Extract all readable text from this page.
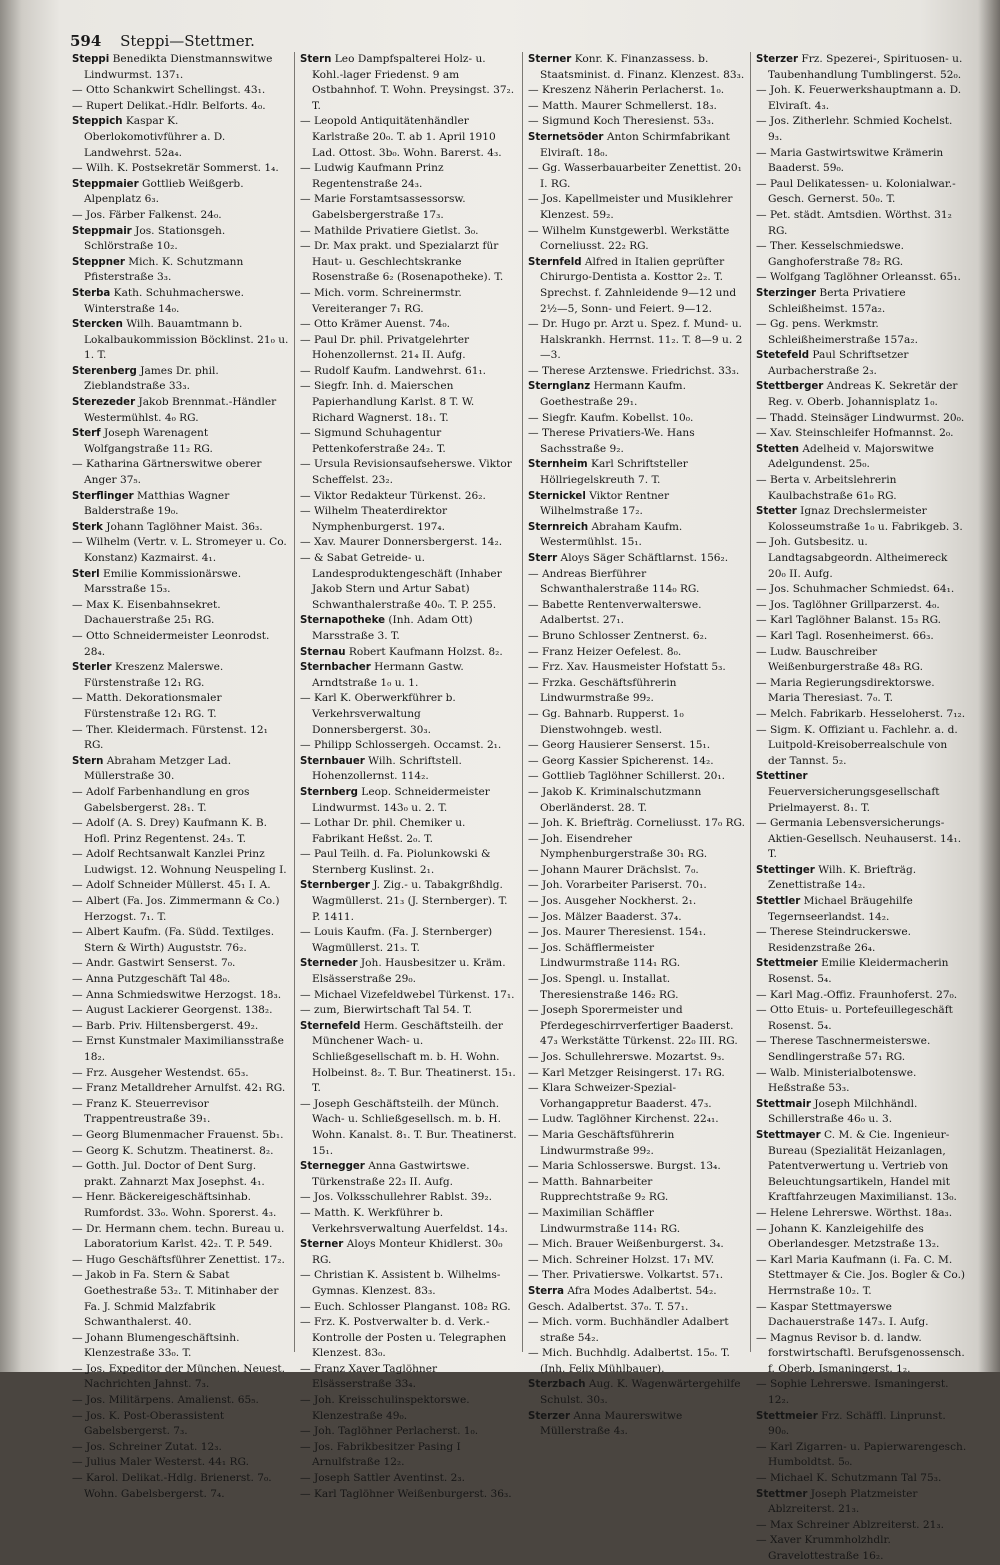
594 Steppi—Stettmer.

Steppi Benedikta Dienstmannswitwe Lindwurmst. 137₁.

— Otto Schankwirt Schellingst. 43₁.

— Rupert Delikat.-Hdlr. Belforts. 4₀.

Steppich Kaspar K. Oberlokomotivführer a. D. Landwehrst. 52a₄.

— Wilh. K. Postsekretär Sommerst. 1₄.

Steppmaier Gottlieb Weißgerb. Alpenplatz 6₃.

— Jos. Färber Falkenst. 24₀.

Steppmair Jos. Stationsgeh. Schlörstraße 10₂.

Steppner Mich. K. Schutzmann Pfisterstraße 3₃.

Sterba Kath. Schuhmacherswe. Winterstraße 14₀.

Stercken Wilh. Bauamtmann b. Lokalbaukommission Böcklinst. 21₀ u. 1. T.

Sterenberg James Dr. phil. Zieblandstraße 33₃.

Sterezeder Jakob Brennmat.-Händler Westermühlst. 4₀ RG.

Sterf Joseph Warenagent Wolfgangstraße 11₂ RG.

— Katharina Gärtnerswitwe oberer Anger 37₅.

Sterflinger Matthias Wagner Balderstraße 19₀.

Sterk Johann Taglöhner Maist. 36₃.

— Wilhelm (Vertr. v. L. Stromeyer u. Co. Konstanz) Kazmairst. 4₁.

Sterl Emilie Kommissionärswe. Marsstraße 15₃.

— Max K. Eisenbahnsekret. Dachauerstraße 25₁ RG.

— Otto Schneidermeister Leonrodst. 28₄.

Sterler Kreszenz Malerswe. Fürstenstraße 12₁ RG.

— Matth. Dekorationsmaler Fürstenstraße 12₁ RG. T.

— Ther. Kleidermach. Fürstenst. 12₁ RG.

Stern Abraham Metzger Lad. Müllerstraße 30.

— Adolf Farbenhandlung en gros Gabelsbergerst. 28₁. T.

— Adolf (A. S. Drey) Kaufmann K. B. Hofl. Prinz Regentenst. 24₃. T.

— Adolf Rechtsanwalt Kanzlei Prinz Ludwigst. 12. Wohnung Neuspeling I.

— Adolf Schneider Müllerst. 45₁ I. A.

— Albert (Fa. Jos. Zimmermann & Co.) Herzogst. 7₁. T.

— Albert Kaufm. (Fa. Südd. Textilges. Stern & Wirth) Auguststr. 76₂.

— Andr. Gastwirt Senserst. 7₀.

— Anna Putzgeschäft Tal 48₀.

— Anna Schmiedswitwe Herzogst. 18₃.

— August Lackierer Georgenst. 138₂.

— Barb. Priv. Hiltensbergerst. 49₂.

— Ernst Kunstmaler Maximiliansstraße 18₂.

— Frz. Ausgeher Westendst. 65₃.

— Franz Metalldreher Arnulfst. 42₁ RG.

— Franz K. Steuerrevisor Trappentreustraße 39₁.

— Georg Blumenmacher Frauenst. 5b₁.

— Georg K. Schutzm. Theatinerst. 8₂.

— Gotth. Jul. Doctor of Dent Surg. prakt. Zahnarzt Max Josephst. 4₁.

— Henr. Bäckereigeschäftsinhab. Rumfordst. 33₀. Wohn. Sporerst. 4₃.

— Dr. Hermann chem. techn. Bureau u. Laboratorium Karlst. 42₂. T. P. 549.

— Hugo Geschäftsführer Zenettist. 17₂.

— Jakob in Fa. Stern & Sabat Goethestraße 53₂. T. Mitinhaber der Fa. J. Schmid Malzfabrik Schwanthalerst. 40.

— Johann Blumengeschäftsinh. Klenzestraße 33₀. T.

— Jos. Expeditor der München. Neuest. Nachrichten Jahnst. 7₃.

— Jos. Militärpens. Amalienst. 65₅.

— Jos. K. Post-Oberassistent Gabelsbergerst. 7₃.

— Jos. Schreiner Zutat. 12₃.

— Julius Maler Westerst. 44₁ RG.

— Karol. Delikat.-Hdlg. Brienerst. 7₀. Wohn. Gabelsbergerst. 7₄.

Stern Leo Dampfspalterei Holz- u. Kohl.-lager Friedenst. 9 am Ostbahnhof. T. Wohn. Preysingst. 37₂. T.

— Leopold Antiquitätenhändler Karlstraße 20₀. T. ab 1. April 1910 Lad. Ottost. 3b₀. Wohn. Barerst. 4₃.

— Ludwig Kaufmann Prinz Regentenstraße 24₃.

— Marie Forstamtsassessorsw. Gabelsbergerstraße 17₃.

— Mathilde Privatiere Gietlst. 3₀.

— Dr. Max prakt. und Spezialarzt für Haut- u. Geschlechtskranke Rosenstraße 6₂ (Rosenapotheke). T.

— Mich. vorm. Schreinermstr. Vereiteranger 7₁ RG.

— Otto Krämer Auenst. 74₀.

— Paul Dr. phil. Privatgelehrter Hohenzollernst. 21₄ II. Aufg.

— Rudolf Kaufm. Landwehrst. 61₁.

— Siegfr. Inh. d. Maierschen Papierhandlung Karlst. 8 T. W. Richard Wagnerst. 18₁. T.

— Sigmund Schuhagentur Pettenkoferstraße 24₂. T.

— Ursula Revisionsaufseherswe. Viktor Scheffelst. 23₂.

— Viktor Redakteur Türkenst. 26₂.

— Wilhelm Theaterdirektor Nymphenburgerst. 197₄.

— Xav. Maurer Donnersbergerst. 14₂.

— & Sabat Getreide- u. Landesproduktengeschäft (Inhaber Jakob Stern und Artur Sabat) Schwanthalerstraße 40₀. T. P. 255.

Sternapotheke (Inh. Adam Ott) Marsstraße 3. T.

Sternau Robert Kaufmann Holzst. 8₂.

Sternbacher Hermann Gastw. Arndtstraße 1₀ u. 1.

— Karl K. Oberwerkführer b. Verkehrsverwaltung Donnersbergerst. 30₃.

— Philipp Schlossergeh. Occamst. 2₁.

Sternbauer Wilh. Schriftstell. Hohenzollernst. 114₂.

Sternberg Leop. Schneidermeister Lindwurmst. 143₀ u. 2. T.

— Lothar Dr. phil. Chemiker u. Fabrikant Heßst. 2₀. T.

— Paul Teilh. d. Fa. Piolunkowski & Sternberg Kuslinst. 2₁.

Sternberger J. Zig.- u. Tabakgrßhdlg. Wagmüllerst. 21₃ (J. Sternberger). T. P. 1411.

— Louis Kaufm. (Fa. J. Sternberger) Wagmüllerst. 21₃. T.

Sterneder Joh. Hausbesitzer u. Kräm. Elsässerstraße 29₀.

— Michael Vizefeldwebel Türkenst. 17₁.

— zum, Bierwirtschaft Tal 54. T.

Sternefeld Herm. Geschäftsteilh. der Münchener Wach- u. Schließgesellschaft m. b. H. Wohn. Holbeinst. 8₂. T. Bur. Theatinerst. 15₁. T.

— Joseph Geschäftsteilh. der Münch. Wach- u. Schließgesellsch. m. b. H. Wohn. Kanalst. 8₁. T. Bur. Theatinerst. 15₁.

Sternegger Anna Gastwirtswe. Türkenstraße 22₃ II. Aufg.

— Jos. Volksschullehrer Rablst. 39₂.

— Matth. K. Werkführer b. Verkehrsverwaltung Auerfeldst. 14₃.

Sterner Aloys Monteur Khidlerst. 30₀ RG.

— Christian K. Assistent b. Wilhelms-Gymnas. Klenzest. 83₃.

— Euch. Schlosser Planganst. 108₂ RG.

— Frz. K. Postverwalter b. d. Verk.-Kontrolle der Posten u. Telegraphen Klenzest. 83₀.

— Franz Xaver Taglöhner Elsässerstraße 33₄.

— Joh. Kreisschulinspektorswe. Klenzestraße 49₀.

— Joh. Taglöhner Perlacherst. 1₀.

— Jos. Fabrikbesitzer Pasing I Arnulfstraße 12₂.

— Joseph Sattler Aventinst. 2₃.

— Karl Taglöhner Weißenburgerst. 36₃.

Sterner Konr. K. Finanzassess. b. Staatsminist. d. Finanz. Klenzest. 83₃.

— Kreszenz Näherin Perlacherst. 1₀.

— Matth. Maurer Schmellerst. 18₃.

— Sigmund Koch Theresienst. 53₃.

Sternetsöder Anton Schirmfabrikant Elviraſt. 18₀.

— Gg. Wasserbauarbeiter Zenettist. 20₁ I. RG.

— Jos. Kapellmeister und Musiklehrer Klenzest. 59₂.

— Wilhelm Kunstgewerbl. Werkstätte Corneliusst. 22₂ RG.

Sternfeld Alfred in Italien geprüfter Chirurgo-Dentista a. Kosttor 2₂. T. Sprechst. f. Zahnleidende 9—12 und 2½—5, Sonn- und Feiert. 9—12.

— Dr. Hugo pr. Arzt u. Spez. f. Mund- u. Halskrankh. Herrnst. 11₂. T. 8—9 u. 2—3.

— Therese Arztenswe. Friedrichst. 33₃.

Sternglanz Hermann Kaufm. Goethestraße 29₁.

— Siegfr. Kaufm. Kobellst. 10₀.

— Therese Privatiers-We. Hans Sachsstraße 9₂.

Sternheim Karl Schriftsteller Höllriegelskreuth 7. T.

Sternickel Viktor Rentner Wilhelmstraße 17₂.

Sternreich Abraham Kaufm. Westermühlst. 15₁.

Sterr Aloys Säger Schäftlarnst. 156₂.

— Andreas Bierführer Schwanthalerstraße 114₀ RG.

— Babette Rentenverwalterswe. Adalbertst. 27₁.

— Bruno Schlosser Zentnerst. 6₂.

— Franz Heizer Oefelest. 8₀.

— Frz. Xav. Hausmeister Hofstatt 5₃.

— Frzka. Geschäftsführerin Lindwurmstraße 99₂.

— Gg. Bahnarb. Rupperst. 1₀ Dienstwohngeb. westl.

— Georg Hausierer Senserst. 15₁.

— Georg Kassier Spicherenst. 14₂.

— Gottlieb Taglöhner Schillerst. 20₁.

— Jakob K. Kriminalschutzmann Oberländerst. 28. T.

— Joh. K. Briefträg. Corneliusst. 17₀ RG.

— Joh. Eisendreher Nymphenburgerstraße 30₁ RG.

— Johann Maurer Drächslst. 7₀.

— Joh. Vorarbeiter Pariserst. 70₁.

— Jos. Ausgeher Nockherst. 2₁.

— Jos. Mälzer Baaderst. 37₄.

— Jos. Maurer Theresienst. 154₁.

— Jos. Schäfflermeister Lindwurmstraße 114₁ RG.

— Jos. Spengl. u. Installat. Theresienstraße 146₂ RG.

— Joseph Sporermeister und Pferdegeschirrverfertiger Baaderst. 47₃ Werkstätte Türkenst. 22₀ III. RG.

— Jos. Schullehrerswe. Mozartst. 9₃.

— Karl Metzger Reisingerst. 17₁ RG.

— Klara Schweizer-Spezial-Vorhangappretur Baaderst. 47₃.

— Ludw. Taglöhner Kirchenst. 22₄₁.

— Maria Geschäftsführerin Lindwurmstraße 99₂.

— Maria Schlosserswe. Burgst. 13₄.

— Matth. Bahnarbeiter Rupprechtstraße 9₂ RG.

— Maximilian Schäffler Lindwurmstraße 114₁ RG.

— Mich. Brauer Weißenburgerst. 3₄.

— Mich. Schreiner Holzst. 17₁ MV.

— Ther. Privatierswe. Volkartst. 57₁.

Sterra Afra Modes Adalbertst. 54₂.

Gesch. Adalbertst. 37₀. T. 57₁.

— Mich. vorm. Buchhändler Adalbert straße 54₂.

— Mich. Buchhdlg. Adalbertst. 15₀. T. (Inh. Felix Mühlbauer).

Sterzbach Aug. K. Wagenwärtergehilfe Schulst. 30₃.

Sterzer Anna Maurerswitwe Müllerstraße 4₃.

Sterzer Frz. Spezerei-, Spirituosen- u. Taubenhandlung Tumblingerst. 52₀.

— Joh. K. Feuerwerkshauptmann a. D. Elviraſt. 4₃.

— Jos. Zitherlehr. Schmied Kochelst. 9₃.

— Maria Gastwirtswitwe Krämerin Baaderst. 59₀.

— Paul Delikatessen- u. Kolonialwar.-Gesch. Gernerst. 50₀. T.

— Pet. städt. Amtsdien. Wörthst. 31₂ RG.

— Ther. Kesselschmiedswe. Ganghoferstraße 78₂ RG.

— Wolfgang Taglöhner Orleansst. 65₁.

Sterzinger Berta Privatiere Schleißheimst. 157a₂.

— Gg. pens. Werkmstr. Schleißheimerstraße 157a₂.

Stetefeld Paul Schriftsetzer Aurbacherstraße 2₃.

Stettberger Andreas K. Sekretär der Reg. v. Oberb. Johannisplatz 1₀.

— Thadd. Steinsäger Lindwurmst. 20₀.

— Xav. Steinschleifer Hofmannst. 2₀.

Stetten Adelheid v. Majorswitwe Adelgundenst. 25₀.

— Berta v. Arbeitslehrerin Kaulbachstraße 61₀ RG.

Stetter Ignaz Drechslermeister Kolosseumstraße 1₀ u. Fabrikgeb. 3.

— Joh. Gutsbesitz. u. Landtagsabgeordn. Altheimereck 20₀ II. Aufg.

— Jos. Schuhmacher Schmiedst. 64₁.

— Jos. Taglöhner Grillparzerst. 4₀.

— Karl Taglöhner Balanst. 15₃ RG.

— Karl Tagl. Rosenheimerst. 66₃.

— Ludw. Bauschreiber Weißenburgerstraße 48₃ RG.

— Maria Regierungsdirektorswe. Maria Theresiast. 7₀. T.

— Melch. Fabrikarb. Hesseloherst. 7₁₂.

— Sigm. K. Offiziant u. Fachlehr. a. d. Luitpold-Kreisoberrealschule von der Tannst. 5₂.

Stettiner Feuerversicherungsgesellschaft Prielmayerst. 8₁. T.

— Germania Lebensversicherungs-Aktien-Gesellsch. Neuhauserst. 14₁. T.

Stettinger Wilh. K. Briefträg. Zenettistraße 14₂.

Stettler Michael Bräugehilfe Tegernseerlandst. 14₂.

— Therese Steindruckerswe. Residenzstraße 26₄.

Stettmeier Emilie Kleidermacherin Rosenst. 5₄.

— Karl Mag.-Offiz. Fraunhoferst. 27₀.

— Otto Etuis- u. Portefeuillegeschäft Rosenst. 5₄.

— Therese Taschnermeisterswe. Sendlingerstraße 57₁ RG.

— Walb. Ministerialbotenswe. Heßstraße 53₃.

Stettmair Joseph Milchhändl. Schillerstraße 46₀ u. 3.

Stettmayer C. M. & Cie. Ingenieur-Bureau (Spezialität Heizanlagen, Patentverwertung u. Vertrieb von Beleuchtungsartikeln, Handel mit Kraftfahrzeugen Maximilianst. 13₀.

— Helene Lehrerswe. Wörthst. 18a₃.

— Johann K. Kanzleigehilfe des Oberlandesger. Metzstraße 13₂.

— Karl Maria Kaufmann (i. Fa. C. M. Stettmayer & Cie. Jos. Bogler & Co.) Herrnstraße 10₂. T.

— Kaspar Stettmayerswe Dachauerstraße 147₃. I. Aufg.

— Magnus Revisor b. d. landw. forstwirtschaftl. Berufsgenossensch. f. Oberb. Ismaningerst. 1₂.

— Sophie Lehrerswe. Ismaningerst. 12₂.

Stettmeier Frz. Schäffl. Linprunst. 90₀.

— Karl Zigarren- u. Papierwarengesch. Humboldtst. 5₀.

— Michael K. Schutzmann Tal 75₃.

Stettmer Joseph Platzmeister Ablzreiterst. 21₃.

— Max Schreiner Ablzreiterst. 21₃.

— Xaver Krummholzhdlr. Gravelottestraße 16₂.
